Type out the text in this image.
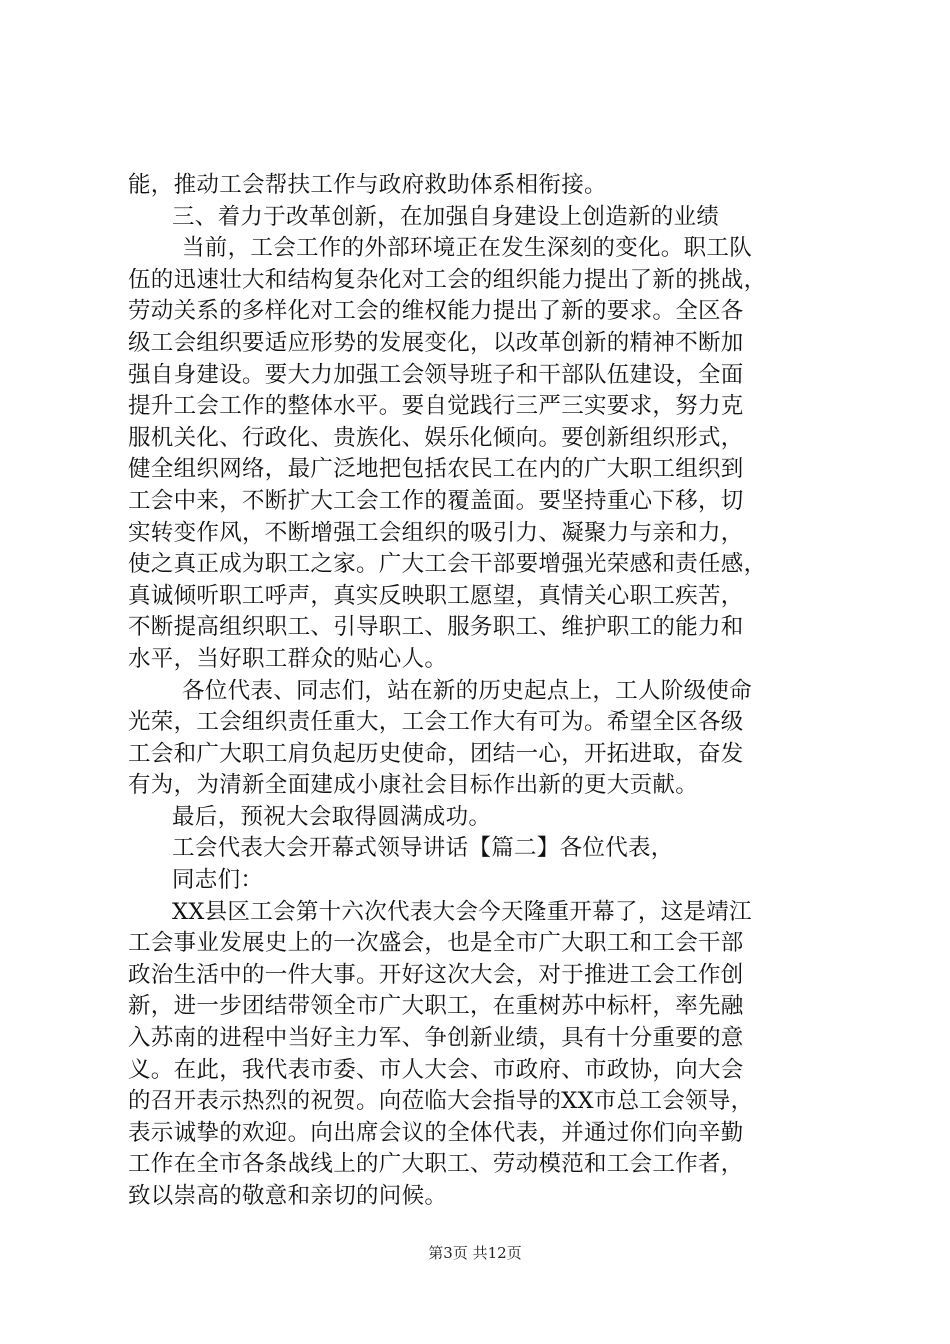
能，推动工会帮扶工作与政府救助体系相衔接。
三、着力于改革创新，在加强自身建设上创造新的业绩
当前，工会工作的外部环境正在发生深刻的变化。职工队
伍的迅速壮大和结构复杂化对工会的组织能力提出了新的挑战，
劳动关系的多样化对工会的维权能力提出了新的要求。全区各
级工会组织要适应形势的发展变化，以改革创新的精神不断加
强自身建设。要大力加强工会领导班子和干部队伍建设，全面
提升工会工作的整体水平。要自觉践行三严三实要求，努力克
服机关化、行政化、贵族化、娱乐化倾向。要创新组织形式，
健全组织网络，最广泛地把包括农民工在内的广大职工组织到
工会中来，不断扩大工会工作的覆盖面。要坚持重心下移，切
实转变作风，不断增强工会组织的吸引力、凝聚力与亲和力，
使之真正成为职工之家。广大工会干部要增强光荣感和责任感，
真诚倾听职工呼声，真实反映职工愿望，真情关心职工疾苦，
不断提高组织职工、引导职工、服务职工、维护职工的能力和
水平，当好职工群众的贴心人。
各位代表、同志们，站在新的历史起点上，工人阶级使命
光荣，工会组织责任重大，工会工作大有可为。希望全区各级
工会和广大职工肩负起历史使命，团结一心，开拓进取，奋发
有为，为清新全面建成小康社会目标作出新的更大贡献。
最后，预祝大会取得圆满成功。
工会代表大会开幕式领导讲话【篇二】各位代表，
同志们：
XX县区工会第十六次代表大会今天隆重开幕了，这是靖江
工会事业发展史上的一次盛会，也是全市广大职工和工会干部
政治生活中的一件大事。开好这次大会，对于推进工会工作创
新，进一步团结带领全市广大职工，在重树苏中标杆，率先融
入苏南的进程中当好主力军、争创新业绩，具有十分重要的意
义。在此，我代表市委、市人大会、市政府、市政协，向大会
的召开表示热烈的祝贺。向莅临大会指导的XX市总工会领导，
表示诚挚的欢迎。向出席会议的全体代表，并通过你们向辛勤
工作在全市各条战线上的广大职工、劳动模范和工会工作者，
致以崇高的敬意和亲切的问候。
第3页 共12页
